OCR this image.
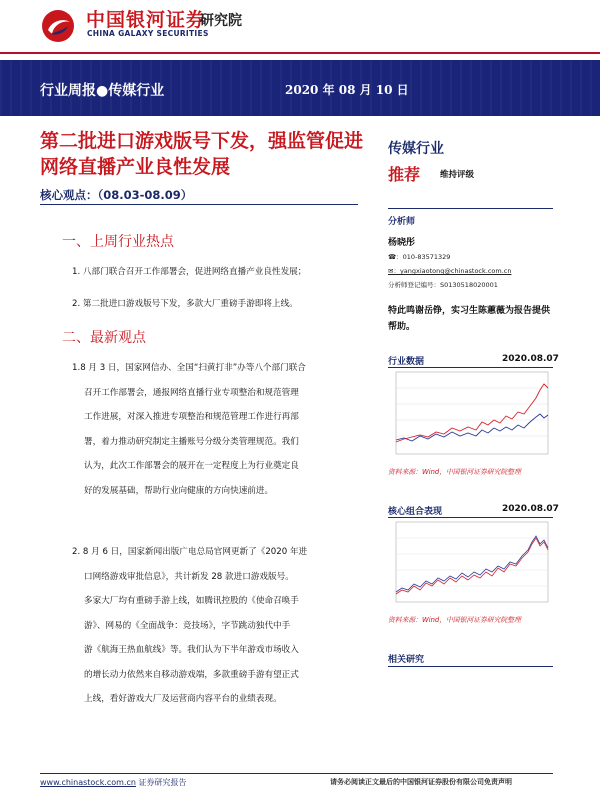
中国银河证券
CHINA GALAXY SECURITIES
研究院
行业周报●传媒行业	2020 年 08 月 10 日
第二批进口游戏版号下发，强监管促进网络直播产业良性发展
核心观点：（08.03-08.09）
一、上周行业热点
1. 八部门联合召开工作部署会，促进网络直播产业良性发展；
2. 第二批进口游戏版号下发，多款大厂重磅手游即将上线。
二、最新观点
1.8 月 3 日，国家网信办、全国“扫黄打非”办等八个部门联合
召开工作部署会，通报网络直播行业专项整治和规范管理
工作进展，对深入推进专项整治和规范管理工作进行再部
署，着力推动研究制定主播账号分级分类管理规范。我们
认为，此次工作部署会的展开在一定程度上为行业奠定良
好的发展基础，帮助行业向健康的方向快速前进。
2. 8 月 6 日，国家新闻出版广电总局官网更新了《2020 年进
口网络游戏审批信息》，共计新发 28 款进口游戏版号。
多家大厂均有重磅手游上线，如腾讯控股的《使命召唤手
游》、网易的《全面战争：竞技场》，字节跳动独代中手
游《航海王热血航线》等。我们认为下半年游戏市场收入
的增长动力依然来自移动游戏端，多款重磅手游有望正式
上线，看好游戏大厂及运营商内容平台的业绩表现。
传媒行业
推荐 维持评级
分析师
杨晓彤
☎：010-83571329
✉：yangxiaotong@chinastock.com.cn
分析师登记编号：S0130518020001
特此鸣谢岳铮，实习生陈蕙薇为报告提供帮助。
行业数据	2020.08.07
资料来源：Wind，中国银河证券研究院整理
核心组合表现	2020.08.07
资料来源：Wind，中国银河证券研究院整理
相关研究
www.chinastock.com.cn 证券研究报告	请务必阅读正文最后的中国银河证券股份有限公司免责声明
